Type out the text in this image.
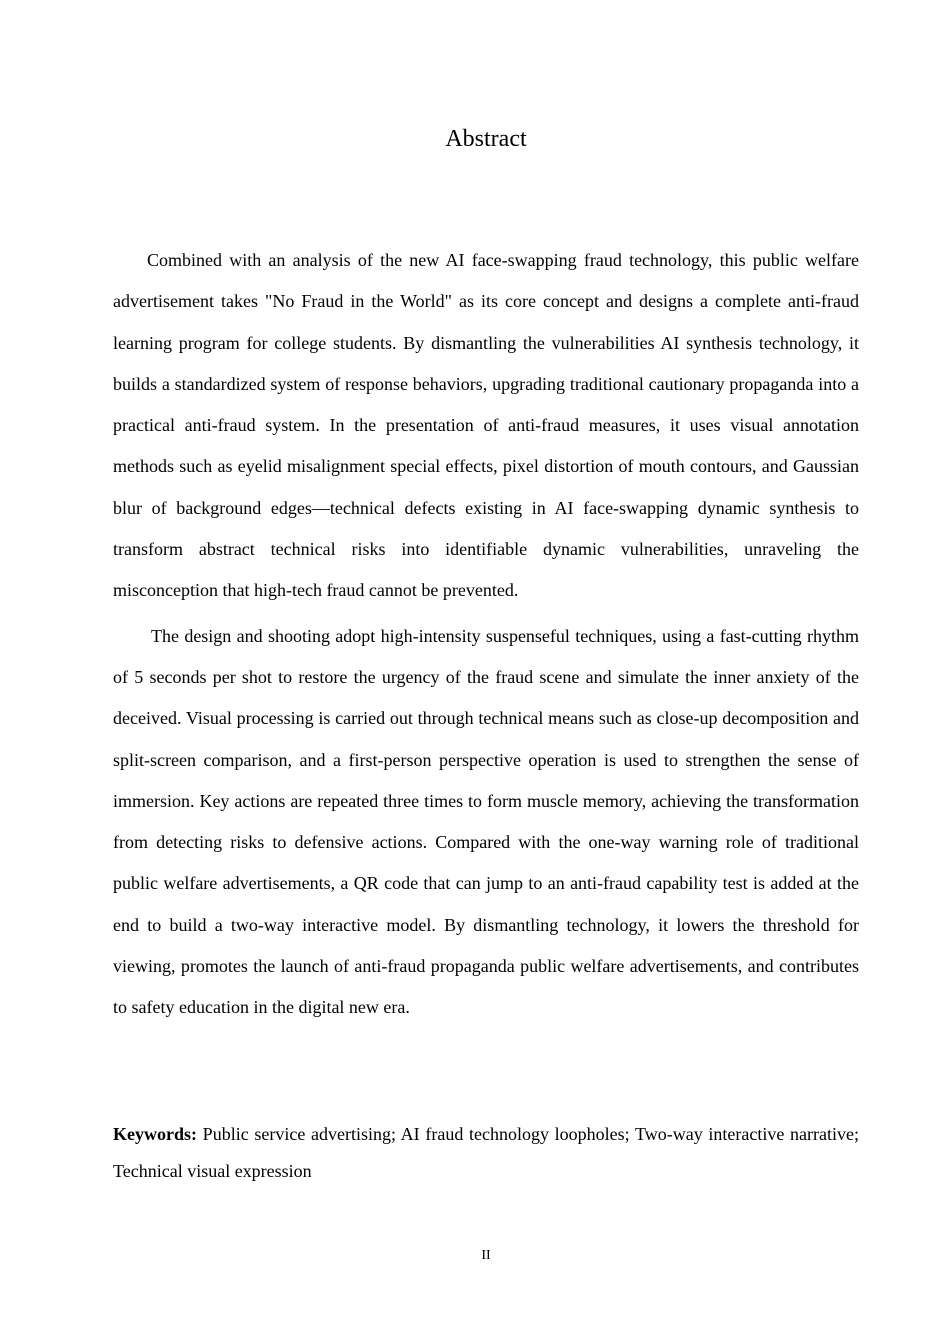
Abstract

Combined with an analysis of the new AI face-swapping fraud technology, this public welfare advertisement takes "No Fraud in the World" as its core concept and designs a complete anti-fraud learning program for college students. By dismantling the vulnerabilities AI synthesis technology, it builds a standardized system of response behaviors, upgrading traditional cautionary propaganda into a practical anti-fraud system. In the presentation of anti-fraud measures, it uses visual annotation methods such as eyelid misalignment special effects, pixel distortion of mouth contours, and Gaussian blur of background edges—technical defects existing in AI face-swapping dynamic synthesis to transform abstract technical risks into identifiable dynamic vulnerabilities, unraveling the misconception that high-tech fraud cannot be prevented.

The design and shooting adopt high-intensity suspenseful techniques, using a fast-cutting rhythm of 5 seconds per shot to restore the urgency of the fraud scene and simulate the inner anxiety of the deceived. Visual processing is carried out through technical means such as close-up decomposition and split-screen comparison, and a first-person perspective operation is used to strengthen the sense of immersion. Key actions are repeated three times to form muscle memory, achieving the transformation from detecting risks to defensive actions. Compared with the one-way warning role of traditional public welfare advertisements, a QR code that can jump to an anti-fraud capability test is added at the end to build a two-way interactive model. By dismantling technology, it lowers the threshold for viewing, promotes the launch of anti-fraud propaganda public welfare advertisements, and contributes to safety education in the digital new era.

Keywords: Public service advertising; AI fraud technology loopholes; Two-way interactive narrative; Technical visual expression

II
